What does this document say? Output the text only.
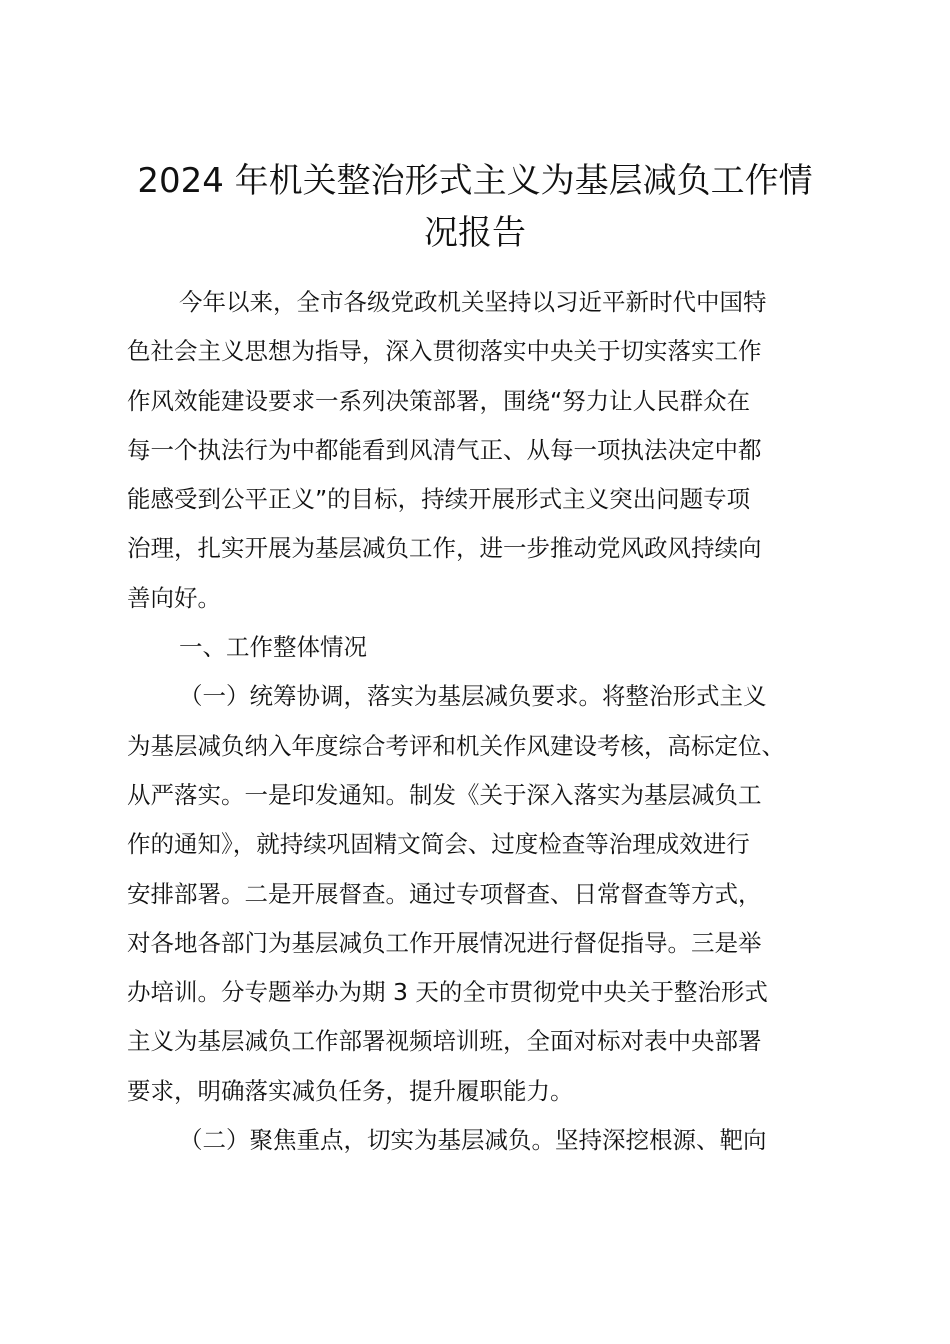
2024 年机关整治形式主义为基层减负工作情
况报告
今年以来，全市各级党政机关坚持以习近平新时代中国特
色社会主义思想为指导，深入贯彻落实中央关于切实落实工作
作风效能建设要求一系列决策部署，围绕“努力让人民群众在
每一个执法行为中都能看到风清气正、从每一项执法决定中都
能感受到公平正义”的目标，持续开展形式主义突出问题专项
治理，扎实开展为基层减负工作，进一步推动党风政风持续向
善向好。
一、工作整体情况
（一）统筹协调，落实为基层减负要求。将整治形式主义
为基层减负纳入年度综合考评和机关作风建设考核，高标定位、
从严落实。一是印发通知。制发《关于深入落实为基层减负工
作的通知》，就持续巩固精文简会、过度检查等治理成效进行
安排部署。二是开展督查。通过专项督查、日常督查等方式，
对各地各部门为基层减负工作开展情况进行督促指导。三是举
办培训。分专题举办为期 3 天的全市贯彻党中央关于整治形式
主义为基层减负工作部署视频培训班，全面对标对表中央部署
要求，明确落实减负任务，提升履职能力。
（二）聚焦重点，切实为基层减负。坚持深挖根源、靶向
